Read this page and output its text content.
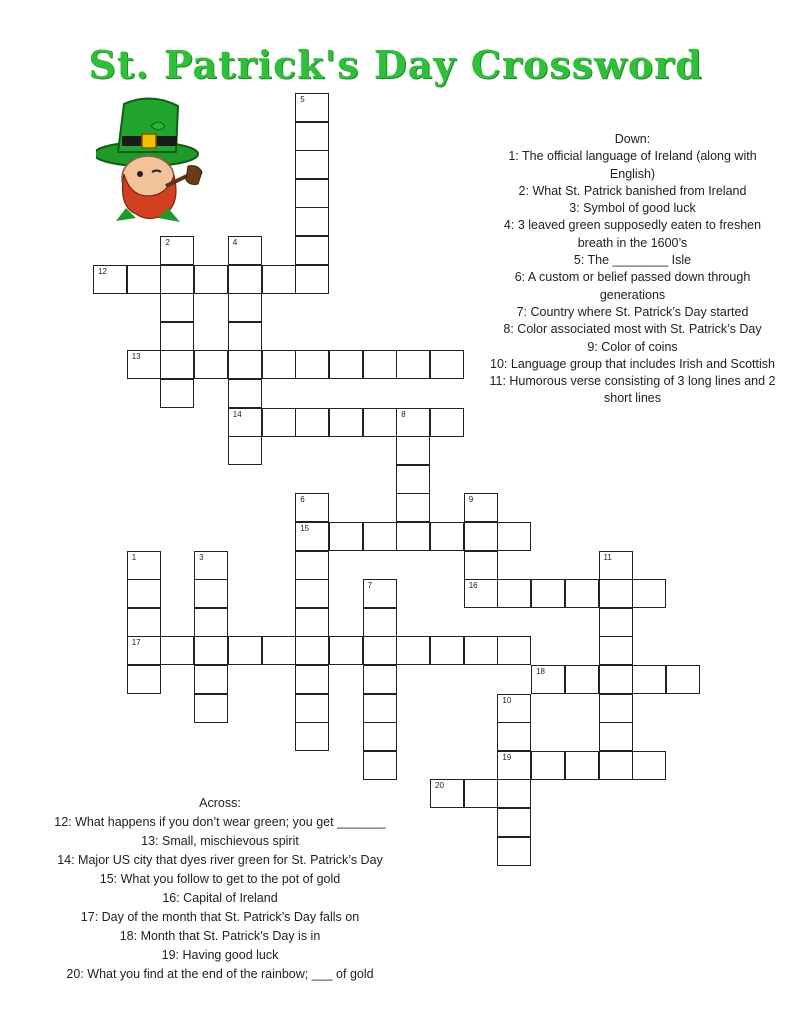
St. Patrick's Day Crossword
5
12
2	4
14
13
8
6
15
9
16
1
17
3
7
11
18
10
19
20
Down:
1: The official language of Ireland (along with English)
2: What St. Patrick banished from Ireland
3: Symbol of good luck
4: 3 leaved green supposedly eaten to freshen breath in the 1600’s
5: The ________ Isle
6: A custom or belief passed down through generations
7: Country where St. Patrick’s Day started
8: Color associated most with St. Patrick’s Day
9: Color of coins
10: Language group that includes Irish and Scottish
11: Humorous verse consisting of 3 long lines and 2 short lines
Across:
12: What happens if you don’t wear green; you get _______
13: Small, mischievous spirit
14: Major US city that dyes river green for St. Patrick’s Day
15: What you follow to get to the pot of gold
16: Capital of Ireland
17: Day of the month that St. Patrick’s Day falls on
18: Month that St. Patrick’s Day is in
19: Having good luck
20: What you find at the end of the rainbow; ___ of gold
